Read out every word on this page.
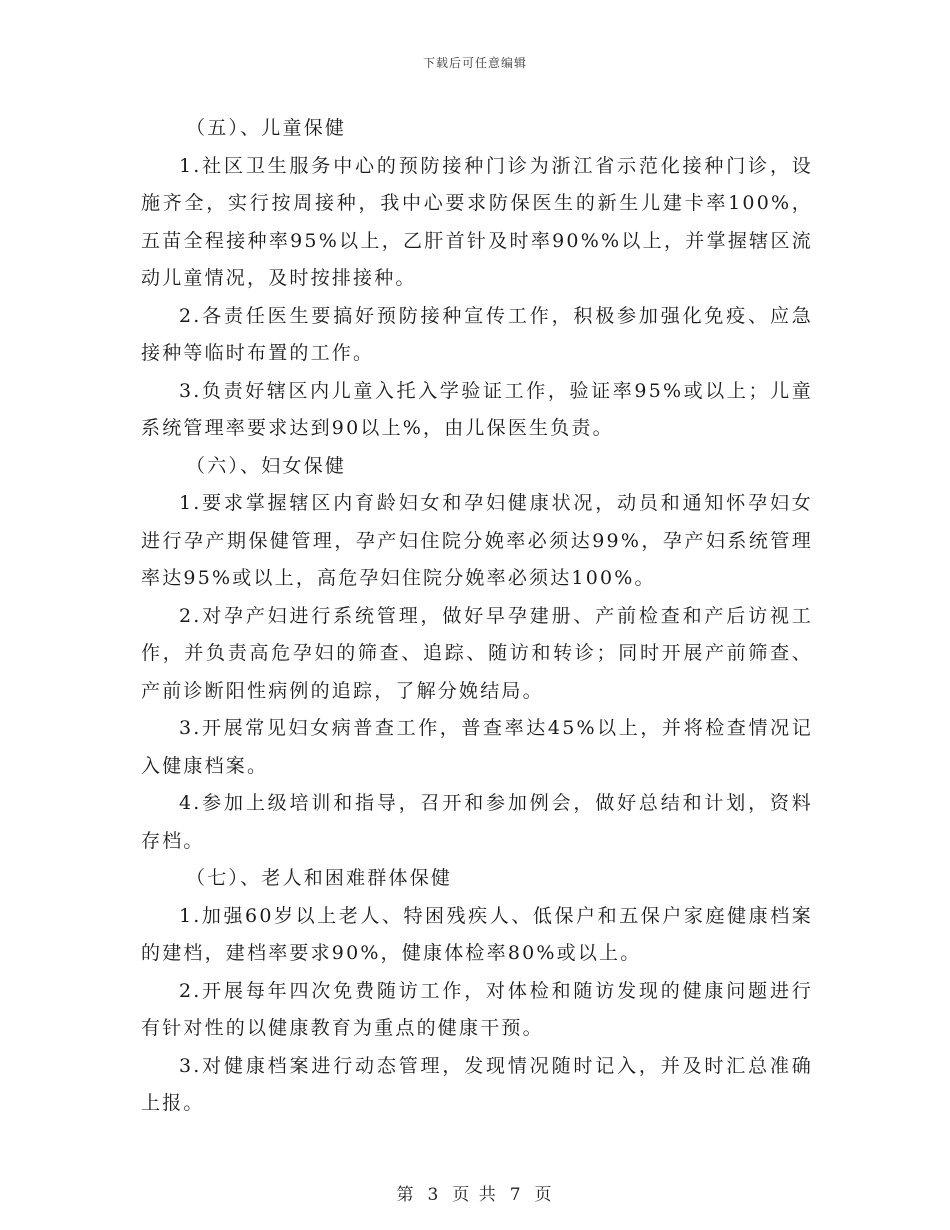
下载后可任意编辑

（五）、儿童保健

1.社区卫生服务中心的预防接种门诊为浙江省示范化接种门诊，设施齐全，实行按周接种，我中心要求防保医生的新生儿建卡率100%，五苗全程接种率95%以上，乙肝首针及时率90%%以上，并掌握辖区流动儿童情况，及时按排接种。

2.各责任医生要搞好预防接种宣传工作，积极参加强化免疫、应急接种等临时布置的工作。

3.负责好辖区内儿童入托入学验证工作，验证率95%或以上；儿童系统管理率要求达到90以上%，由儿保医生负责。

（六）、妇女保健

1.要求掌握辖区内育龄妇女和孕妇健康状况，动员和通知怀孕妇女进行孕产期保健管理，孕产妇住院分娩率必须达99%，孕产妇系统管理率达95%或以上，高危孕妇住院分娩率必须达100%。

2.对孕产妇进行系统管理，做好早孕建册、产前检查和产后访视工作，并负责高危孕妇的筛查、追踪、随访和转诊；同时开展产前筛查、产前诊断阳性病例的追踪，了解分娩结局。

3.开展常见妇女病普查工作，普查率达45%以上，并将检查情况记入健康档案。

4.参加上级培训和指导，召开和参加例会，做好总结和计划，资料存档。

（七）、老人和困难群体保健

1.加强60岁以上老人、特困残疾人、低保户和五保户家庭健康档案的建档，建档率要求90%，健康体检率80%或以上。

2.开展每年四次免费随访工作，对体检和随访发现的健康问题进行有针对性的以健康教育为重点的健康干预。

3.对健康档案进行动态管理，发现情况随时记入，并及时汇总准确上报。

第 3 页 共 7 页
